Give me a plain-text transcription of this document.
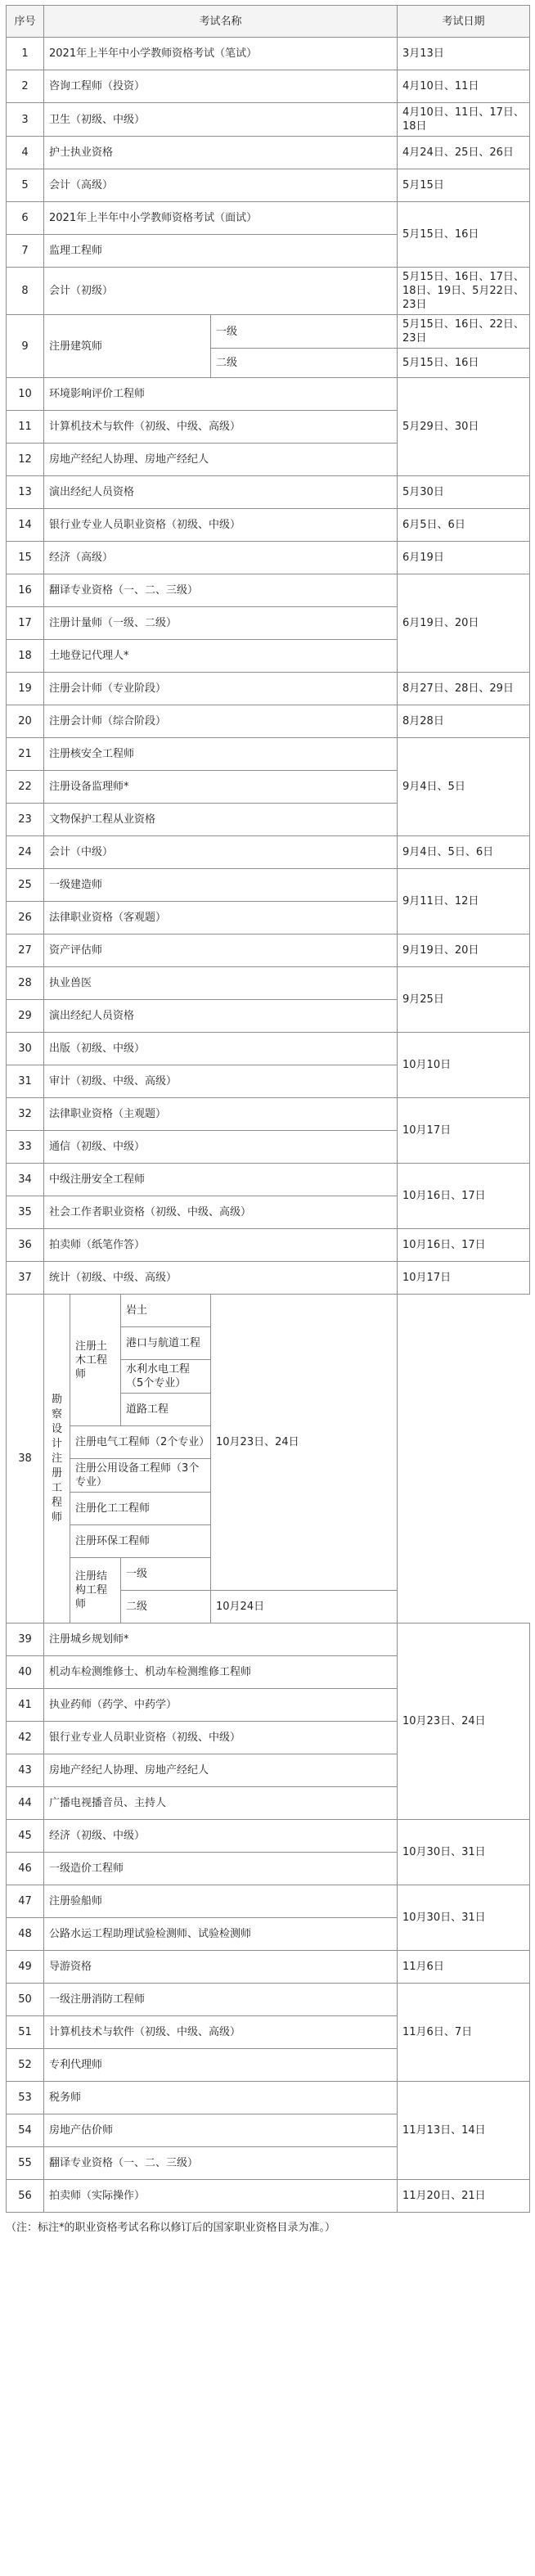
序号	考试名称				考试日期
1	2021年上半年中小学教师资格考试（笔试）				3月13日
2	咨询工程师（投资）				4月10日、11日
3	卫生（初级、中级）				4月10日、11日、17日、18日
4	护士执业资格				4月24日、25日、26日
5	会计（高级）				5月15日
6	2021年上半年中小学教师资格考试（面试）				5月15日、16日
7	监理工程师				
8	会计（初级）				5月15日、16日、17日、18日、19日、5月22日、23日
9	注册建筑师			一级	5月15日、16日、22日、23日
				二级	5月15日、16日
10	环境影响评价工程师				5月29日、30日
11	计算机技术与软件（初级、中级、高级）				
12	房地产经纪人协理、房地产经纪人				
13	演出经纪人员资格				5月30日
14	银行业专业人员职业资格（初级、中级）				6月5日、6日
15	经济（高级）				6月19日
16	翻译专业资格（一、二、三级）				6月19日、20日
17	注册计量师（一级、二级）				
18	土地登记代理人*				
19	注册会计师（专业阶段）				8月27日、28日、29日
20	注册会计师（综合阶段）				8月28日
21	注册核安全工程师				9月4日、5日
22	注册设备监理师*				
23	文物保护工程从业资格				
24	会计（中级）				9月4日、5日、6日
25	一级建造师				9月11日、12日
26	法律职业资格（客观题）				
27	资产评估师				9月19日、20日
28	执业兽医				9月25日
29	演出经纪人员资格				
30	出版（初级、中级）				10月10日
31	审计（初级、中级、高级）				
32	法律职业资格（主观题）				10月17日
33	通信（初级、中级）				
34	中级注册安全工程师				10月16日、17日
35	社会工作者职业资格（初级、中级、高级）				
36	拍卖师（纸笔作答）				10月16日、17日
37	统计（初级、中级、高级）				10月17日
38	勘察设计注册工程师	注册土木工程师	岩土	10月23日、24日	
			港口与航道工程		
			水利水电工程（5个专业）		
			道路工程		
		注册电气工程师（2个专业）			
		注册公用设备工程师（3个专业）			
		注册化工工程师			
		注册环保工程师			
		注册结构工程师	一级		
			二级	10月24日	
39	注册城乡规划师*				10月23日、24日
40	机动车检测维修士、机动车检测维修工程师				
41	执业药师（药学、中药学）				
42	银行业专业人员职业资格（初级、中级）				
43	房地产经纪人协理、房地产经纪人				
44	广播电视播音员、主持人				
45	经济（初级、中级）				10月30日、31日
46	一级造价工程师				
47	注册验船师				10月30日、31日
48	公路水运工程助理试验检测师、试验检测师				
49	导游资格				11月6日
50	一级注册消防工程师				11月6日、7日
51	计算机技术与软件（初级、中级、高级）				
52	专利代理师				
53	税务师				11月13日、14日
54	房地产估价师				
55	翻译专业资格（一、二、三级）				
56	拍卖师（实际操作）				11月20日、21日
（注：标注*的职业资格考试名称以修订后的国家职业资格目录为准。）
